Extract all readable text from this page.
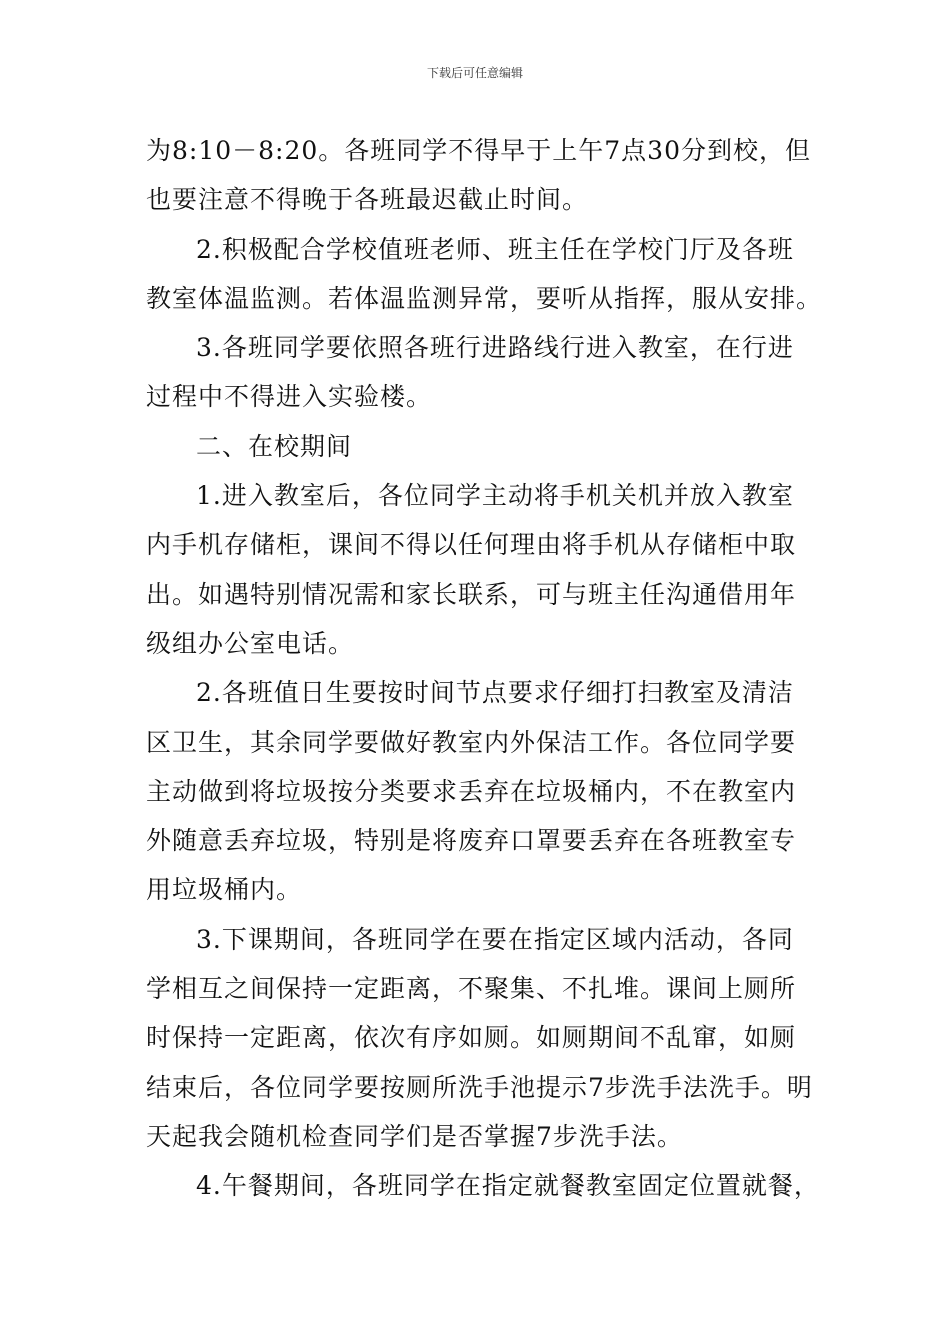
下载后可任意编辑
为8:10－8:20。各班同学不得早于上午7点30分到校，但
也要注意不得晚于各班最迟截止时间。
2.积极配合学校值班老师、班主任在学校门厅及各班
教室体温监测。若体温监测异常，要听从指挥，服从安排。
3.各班同学要依照各班行进路线行进入教室，在行进
过程中不得进入实验楼。
二、在校期间
1.进入教室后，各位同学主动将手机关机并放入教室
内手机存储柜，课间不得以任何理由将手机从存储柜中取
出。如遇特别情况需和家长联系，可与班主任沟通借用年
级组办公室电话。
2.各班值日生要按时间节点要求仔细打扫教室及清洁
区卫生，其余同学要做好教室内外保洁工作。各位同学要
主动做到将垃圾按分类要求丢弃在垃圾桶内，不在教室内
外随意丢弃垃圾，特别是将废弃口罩要丢弃在各班教室专
用垃圾桶内。
3.下课期间，各班同学在要在指定区域内活动，各同
学相互之间保持一定距离，不聚集、不扎堆。课间上厕所
时保持一定距离，依次有序如厕。如厕期间不乱窜，如厕
结束后，各位同学要按厕所洗手池提示7步洗手法洗手。明
天起我会随机检查同学们是否掌握7步洗手法。
4.午餐期间，各班同学在指定就餐教室固定位置就餐，
